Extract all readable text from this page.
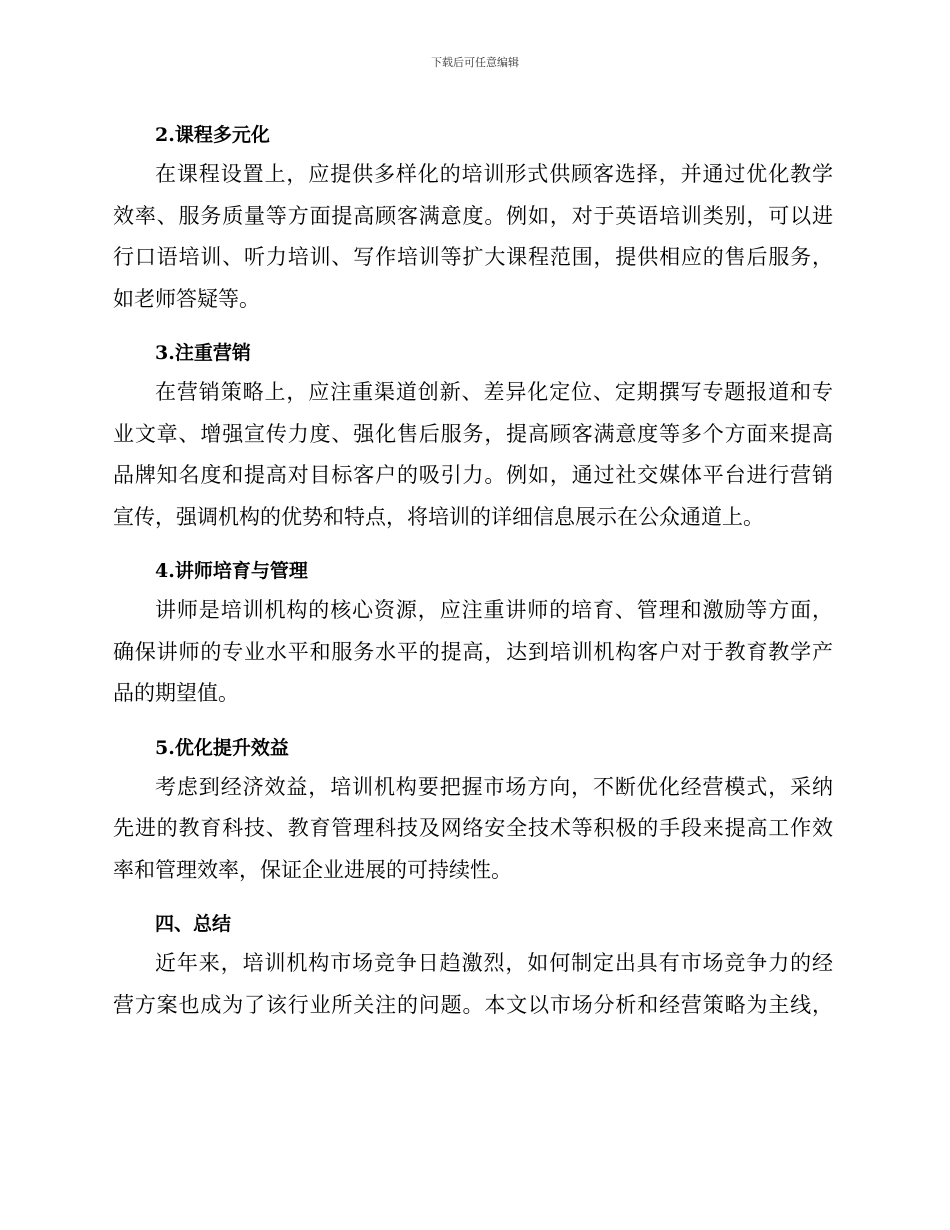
下载后可任意编辑
2.课程多元化
在课程设置上，应提供多样化的培训形式供顾客选择，并通过优化教学
效率、服务质量等方面提高顾客满意度。例如，对于英语培训类别，可以进
行口语培训、听力培训、写作培训等扩大课程范围，提供相应的售后服务，
如老师答疑等。
3.注重营销
在营销策略上，应注重渠道创新、差异化定位、定期撰写专题报道和专
业文章、增强宣传力度、强化售后服务，提高顾客满意度等多个方面来提高
品牌知名度和提高对目标客户的吸引力。例如，通过社交媒体平台进行营销
宣传，强调机构的优势和特点，将培训的详细信息展示在公众通道上。
4.讲师培育与管理
讲师是培训机构的核心资源，应注重讲师的培育、管理和激励等方面，
确保讲师的专业水平和服务水平的提高，达到培训机构客户对于教育教学产
品的期望值。
5.优化提升效益
考虑到经济效益，培训机构要把握市场方向，不断优化经营模式，采纳
先进的教育科技、教育管理科技及网络安全技术等积极的手段来提高工作效
率和管理效率，保证企业进展的可持续性。
四、总结
近年来，培训机构市场竞争日趋激烈，如何制定出具有市场竞争力的经
营方案也成为了该行业所关注的问题。本文以市场分析和经营策略为主线，
